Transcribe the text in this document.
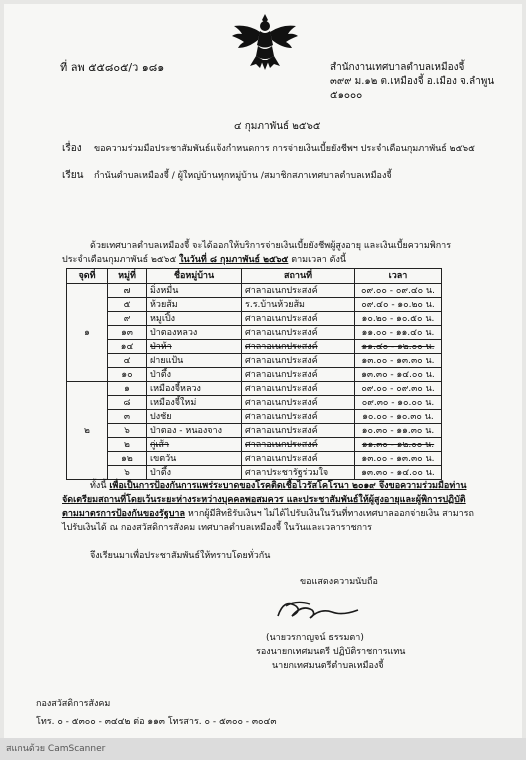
ที่ ลพ ๕๕๘๐๕/ว ๑๘๑	สำนักงานเทศบาลตำบลเหมืองจี้
๓๙๙ ม.๑๒ ต.เหมืองจี้ อ.เมือง จ.ลำพูน
๕๑๐๐๐
๔ กุมภาพันธ์ ๒๕๖๕
เรื่อง ขอความร่วมมือประชาสัมพันธ์แจ้งกำหนดการ การจ่ายเงินเบี้ยยังชีพฯ ประจำเดือนกุมภาพันธ์ ๒๕๖๕
เรียน กำนันตำบลเหมืองจี้ / ผู้ใหญ่บ้านทุกหมู่บ้าน /สมาชิกสภาเทศบาลตำบลเหมืองจี้
ด้วยเทศบาลตำบลเหมืองจี้ จะได้ออกให้บริการจ่ายเงินเบี้ยยังชีพผู้สูงอายุ และเงินเบี้ยความพิการ
ประจำเดือนกุมภาพันธ์ ๒๕๖๕ ในวันที่ ๘ กุมภาพันธ์ ๒๕๖๕ ตามเวลา ดังนี้
จุดที่	หมู่ที่	ชื่อหมู่บ้าน	สถานที่	เวลา
๑	๗	มิ่งหมื่น	ศาลาอเนกประสงค์	๐๙.๐๐ - ๐๙.๔๐ น.
	๕	ห้วยส้ม	ร.ร.บ้านห้วยส้ม	๐๙.๔๐ - ๑๐.๒๐ น.
	๙	หมูเปิ้ง	ศาลาอเนกประสงค์	๑๐.๒๐ - ๑๐.๕๐ น.
	๑๓	ป่าตองหลวง	ศาลาอเนกประสงค์	๑๑.๐๐ - ๑๑.๔๐ น.
	๑๔	ป่าห้า	ศาลาอเนกประสงค์	๑๑.๔๐ - ๑๒.๐๐ น.
	๔	ฝายแป้น	ศาลาอเนกประสงค์	๑๓.๐๐ - ๑๓.๓๐ น.
	๑๐	ป่าตึ้ง	ศาลาอเนกประสงค์	๑๓.๓๐ - ๑๔.๐๐ น.
๒	๑	เหมืองจี้หลวง	ศาลาอเนกประสงค์	๐๙.๐๐ - ๐๙.๓๐ น.
	๘	เหมืองจี้ใหม่	ศาลาอเนกประสงค์	๐๙.๓๐ - ๑๐.๐๐ น.
	๓	ปงชัย	ศาลาอเนกประสงค์	๑๐.๐๐ - ๑๐.๓๐ น.
	๖	ป่าตอง - หนองจาง	ศาลาอเนกประสงค์	๑๐.๓๐ - ๑๑.๓๐ น.
	๒	กู่เส้า	ศาลาอเนกประสงค์	๑๑.๓๐ - ๑๒.๐๐ น.
	๑๒	เขตวัน	ศาลาอเนกประสงค์	๑๓.๐๐ - ๑๓.๓๐ น.
	๖	ป่าตึ้ง	ศาลาประชารัฐร่วมใจ	๑๓.๓๐ - ๑๔.๐๐ น.
ทั้งนี้ เพื่อเป็นการป้องกันการแพร่ระบาดของโรคติดเชื้อไวรัสโคโรนา ๒๐๑๙ จึงขอความร่วมมือท่าน
จัดเตรียมสถานที่โดยเว้นระยะห่างระหว่างบุคคลพอสมควร และประชาสัมพันธ์ให้ผู้สูงอายุและผู้พิการปฏิบัติ
ตามมาตรการป้องกันของรัฐบาล หากผู้มีสิทธิรับเงินฯ ไม่ได้ไปรับเงินในวันที่ทางเทศบาลออกจ่ายเงิน สามารถ
ไปรับเงินได้ ณ กองสวัสดิการสังคม เทศบาลตำบลเหมืองจี้ ในวันและเวลาราชการ
จึงเรียนมาเพื่อประชาสัมพันธ์ให้ทราบโดยทั่วกัน
ขอแสดงความนับถือ
(นายวรกาญจน์ ธรรมตา)
รองนายกเทศมนตรี ปฏิบัติราชการแทน
นายกเทศมนตรีตำบลเหมืองจี้
กองสวัสดิการสังคม
โทร. ๐ - ๕๓๐๐ - ๓๔๔๒ ต่อ ๑๑๓ โทรสาร. ๐ - ๕๓๐๐ - ๓๐๔๓
สแกนด้วย CamScanner
